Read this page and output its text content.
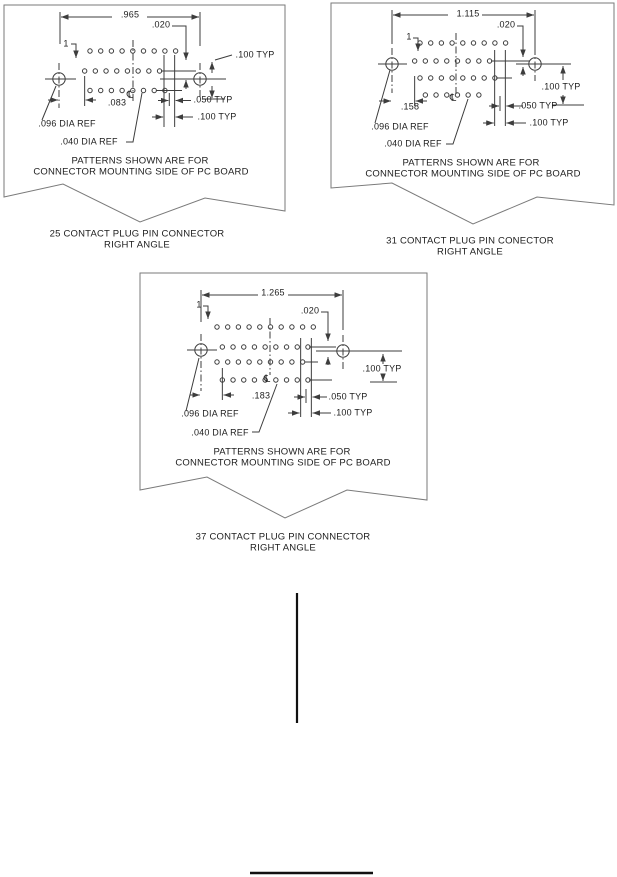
.965
.020
1
.100 TYP
℄
.083	.050 TYP
.100 TYP
.096 DIA REF
.040 DIA REF
PATTERNS SHOWN ARE FOR
CONNECTOR MOUNTING SIDE OF PC BOARD
25 CONTACT PLUG PIN CONNECTOR
RIGHT ANGLE
1.115
.020
1
.100 TYP
℄
.158	.050 TYP
.100 TYP
.096 DIA REF
.040 DIA REF
PATTERNS SHOWN ARE FOR
CONNECTOR MOUNTING SIDE OF PC BOARD
31 CONTACT PLUG PIN CONECTOR
RIGHT ANGLE
1.265
.020
1
.100 TYP
℄
.183	.050 TYP
.100 TYP
.096 DIA REF
.040 DIA REF
PATTERNS SHOWN ARE FOR
CONNECTOR MOUNTING SIDE OF PC BOARD
37 CONTACT PLUG PIN CONNECTOR
RIGHT ANGLE
